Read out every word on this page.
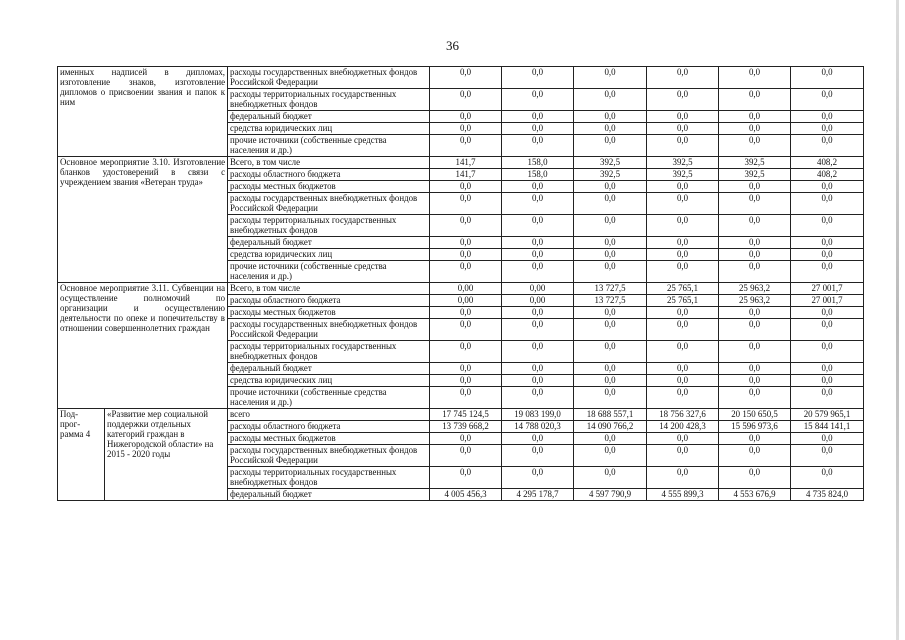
36
именных надписей в дипломах, изготовление знаков, изготовление дипломов о присвоении звания и папок к ним		расходы государственных внебюджетных фондов Российской Федерации	0,0	0,0	0,0	0,0	0,0	0,0
		расходы территориальных государственных внебюджетных фондов	0,0	0,0	0,0	0,0	0,0	0,0
		федеральный бюджет	0,0	0,0	0,0	0,0	0,0	0,0
		средства юридических лиц	0,0	0,0	0,0	0,0	0,0	0,0
		прочие источники (собственные средства населения и др.)	0,0	0,0	0,0	0,0	0,0	0,0
Основное мероприятие 3.10. Изготовление бланков удостоверений в связи с учреждением звания «Ветеран труда»		Всего, в том числе	141,7	158,0	392,5	392,5	392,5	408,2
		расходы областного бюджета	141,7	158,0	392,5	392,5	392,5	408,2
		расходы местных бюджетов	0,0	0,0	0,0	0,0	0,0	0,0
		расходы государственных внебюджетных фондов Российской Федерации	0,0	0,0	0,0	0,0	0,0	0,0
		расходы территориальных государственных внебюджетных фондов	0,0	0,0	0,0	0,0	0,0	0,0
		федеральный бюджет	0,0	0,0	0,0	0,0	0,0	0,0
		средства юридических лиц	0,0	0,0	0,0	0,0	0,0	0,0
		прочие источники (собственные средства населения и др.)	0,0	0,0	0,0	0,0	0,0	0,0
Основное мероприятие 3.11. Субвенции на осуществление полномочий по организации и осуществлению деятельности по опеке и попечительству в отношении совершеннолетних граждан		Всего, в том числе	0,00	0,00	13 727,5	25 765,1	25 963,2	27 001,7
		расходы областного бюджета	0,00	0,00	13 727,5	25 765,1	25 963,2	27 001,7
		расходы местных бюджетов	0,0	0,0	0,0	0,0	0,0	0,0
		расходы государственных внебюджетных фондов Российской Федерации	0,0	0,0	0,0	0,0	0,0	0,0
		расходы территориальных государственных внебюджетных фондов	0,0	0,0	0,0	0,0	0,0	0,0
		федеральный бюджет	0,0	0,0	0,0	0,0	0,0	0,0
		средства юридических лиц	0,0	0,0	0,0	0,0	0,0	0,0
		прочие источники (собственные средства населения и др.)	0,0	0,0	0,0	0,0	0,0	0,0
Под-
прог-
рамма 4	«Развитие мер социальной поддержки отдельных категорий граждан в Нижегородской области» на 2015 - 2020 годы	всего	17 745 124,5	19 083 199,0	18 688 557,1	18 756 327,6	20 150 650,5	20 579 965,1
		расходы областного бюджета	13 739 668,2	14 788 020,3	14 090 766,2	14 200 428,3	15 596 973,6	15 844 141,1
		расходы местных бюджетов	0,0	0,0	0,0	0,0	0,0	0,0
		расходы государственных внебюджетных фондов Российской Федерации	0,0	0,0	0,0	0,0	0,0	0,0
		расходы территориальных государственных внебюджетных фондов	0,0	0,0	0,0	0,0	0,0	0,0
		федеральный бюджет	4 005 456,3	4 295 178,7	4 597 790,9	4 555 899,3	4 553 676,9	4 735 824,0
